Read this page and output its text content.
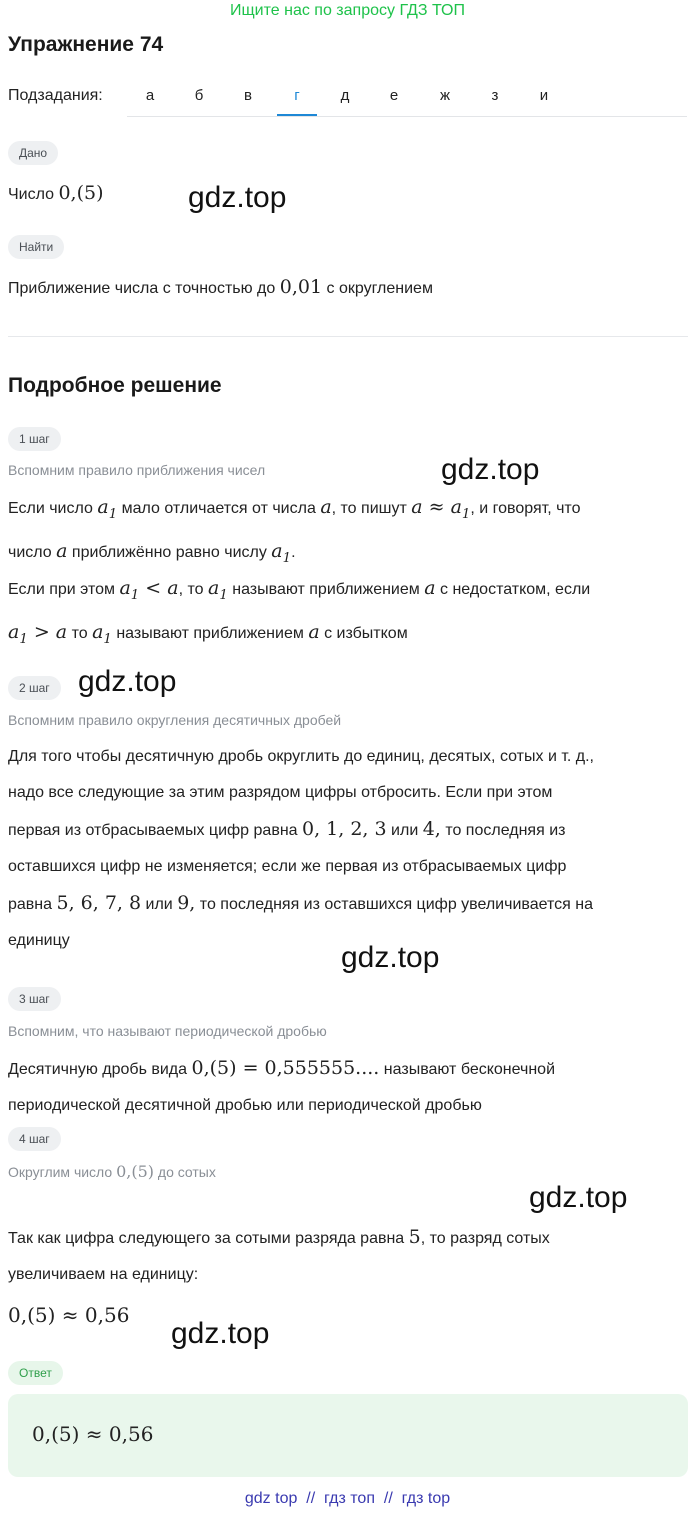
Ищите нас по запросу ГДЗ ТОП
Упражнение 74
Подзадания:	а	б	в	г	д	е	ж	з	и
Дано
Число 0,(5)	gdz.top
Найти
Приближение числа с точностью до 0,01 с округлением
Подробное решение
1 шаг
Вспомним правило приближения чисел	gdz.top
Если число $a_1$ мало отличается от числа a, то пишут $a \approx a_1$, и говорят, что
число a приближённо равно числу $a_1$.
Если при этом $a_1 < a$, то $a_1$ называют приближением a с недостатком, если
$a_1 > a$ то $a_1$ называют приближением a с избытком
2 шаг gdz.top
Вспомним правило округления десятичных дробей
Для того чтобы десятичную дробь округлить до единиц, десятых, сотых и т. д.,
надо все следующие за этим разрядом цифры отбросить. Если при этом
первая из отбрасываемых цифр равна 0, 1, 2, 3 или 4, то последняя из
оставшихся цифр не изменяется; если же первая из отбрасываемых цифр
равна 5, 6, 7, 8 или 9, то последняя из оставшихся цифр увеличивается на
единицу
gdz.top
3 шаг
Вспомним, что называют периодической дробью
Десятичную дробь вида 0,(5) = 0,555555.... называют бесконечной
периодической десятичной дробью или периодической дробью
4 шаг
Округлим число 0,(5) до сотых
gdz.top
Так как цифра следующего за сотыми разряда равна 5, то разряд сотых
увеличиваем на единицу:
0,(5) ≈ 0,56
gdz.top
Ответ
0,(5) ≈ 0,56
gdz top  //  гдз топ  //  гдз top
